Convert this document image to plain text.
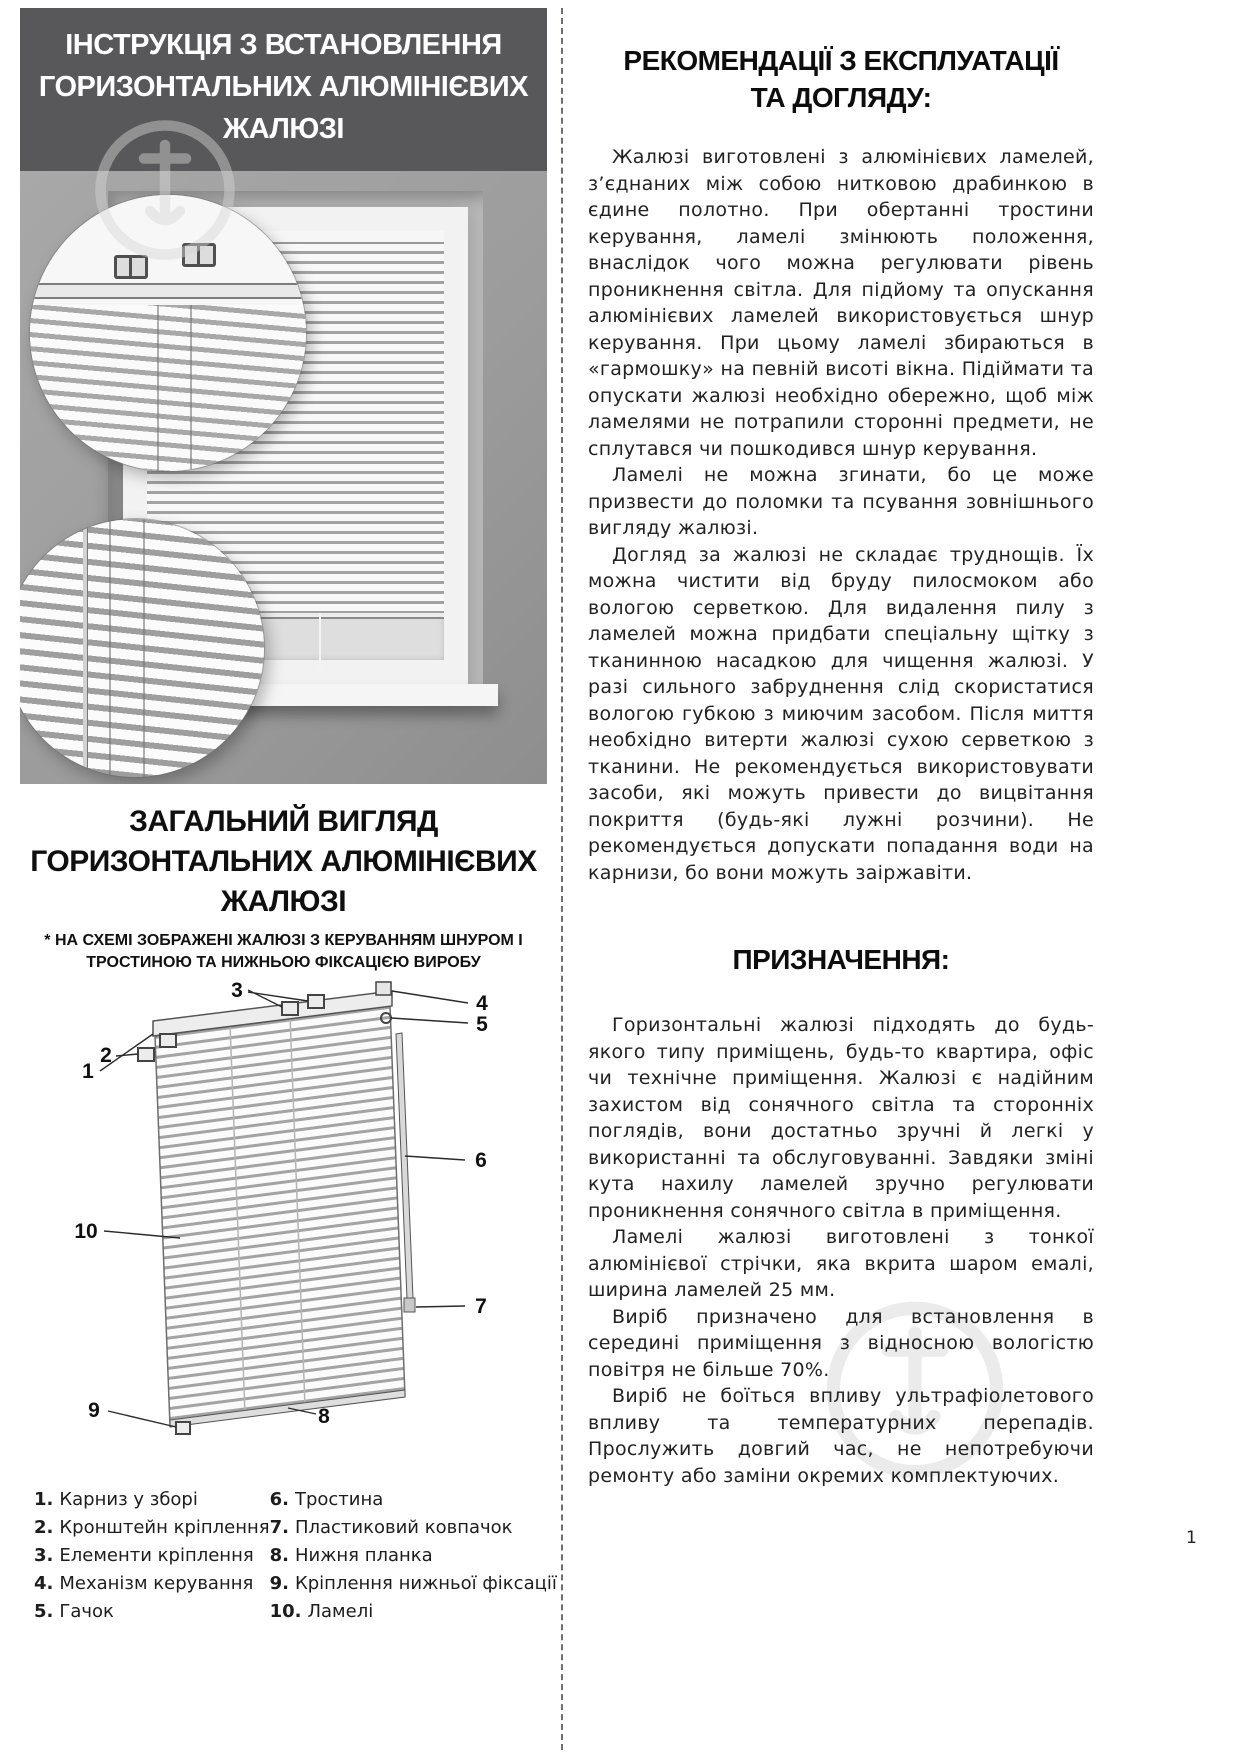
ІНСТРУКЦІЯ З ВСТАНОВЛЕННЯ
ГОРИЗОНТАЛЬНИХ АЛЮМІНІЄВИХ
ЖАЛЮЗІ
ЗАГАЛЬНИЙ ВИГЛЯД
ГОРИЗОНТАЛЬНИХ АЛЮМІНІЄВИХ
ЖАЛЮЗІ
* НА СХЕМІ ЗОБРАЖЕНІ ЖАЛЮЗІ З КЕРУВАННЯМ ШНУРОМ І
ТРОСТИНОЮ ТА НИЖНЬОЮ ФІКСАЦІЄЮ ВИРОБУ
3
4
5
2
1
6
10
7
9	8
1. Карниз у зборі
2. Кронштейн кріплення
3. Елементи кріплення
4. Механізм керування
5. Гачок
6. Тростина
7. Пластиковий ковпачок
8. Нижня планка
9. Кріплення нижньої фіксації
10. Ламелі
РЕКОМЕНДАЦІЇ З ЕКСПЛУАТАЦІЇ
ТА ДОГЛЯДУ:

Жалюзі виготовлені з алюмінієвих ламелей, з’єднаних між собою нитковою драбинкою в єдине полотно. При обертанні тростини керування, ламелі змінюють положення, внаслідок чого можна регулювати рівень проникнення світла. Для підйому та опускання алюмінієвих ламелей використовується шнур керування. При цьому ламелі збираються в «гармошку» на певній висоті вікна. Підіймати та опускати жалюзі необхідно обережно, щоб між ламелями не потрапили сторонні предмети, не сплутався чи пошкодився шнур керування.

Ламелі не можна згинати, бо це може призвести до поломки та псування зовнішнього вигляду жалюзі.

Догляд за жалюзі не складає труднощів. Їх можна чистити від бруду пилосмоком або вологою серветкою. Для видалення пилу з ламелей можна придбати спеціальну щітку з тканинною насадкою для чищення жалюзі. У разі сильного забруднення слід скористатися вологою губкою з миючим засобом. Після миття необхідно витерти жалюзі сухою серветкою з тканини. Не рекомендується використовувати засоби, які можуть привести до вицвітання покриття (будь-які лужні розчини). Не рекомендується допускати попадання води на карнизи, бо вони можуть заіржавіти.

ПРИЗНАЧЕННЯ:

Горизонтальні жалюзі підходять до будь-якого типу приміщень, будь-то квартира, офіс чи технічне приміщення. Жалюзі є надійним захистом від сонячного світла та сторонніх поглядів, вони достатньо зручні й легкі у використанні та обслуговуванні. Завдяки зміні кута нахилу ламелей зручно регулювати проникнення сонячного світла в приміщення.

Ламелі жалюзі виготовлені з тонкої алюмінієвої стрічки, яка вкрита шаром емалі, ширина ламелей 25 мм.

Виріб призначено для встановлення в середині приміщення з відносною вологістю повітря не більше 70%.

Виріб не боїться впливу ультрафіолетового впливу та температурних перепадів. Прослужить довгий час, не непотребуючи ремонту або заміни окремих комплектуючих.

1
